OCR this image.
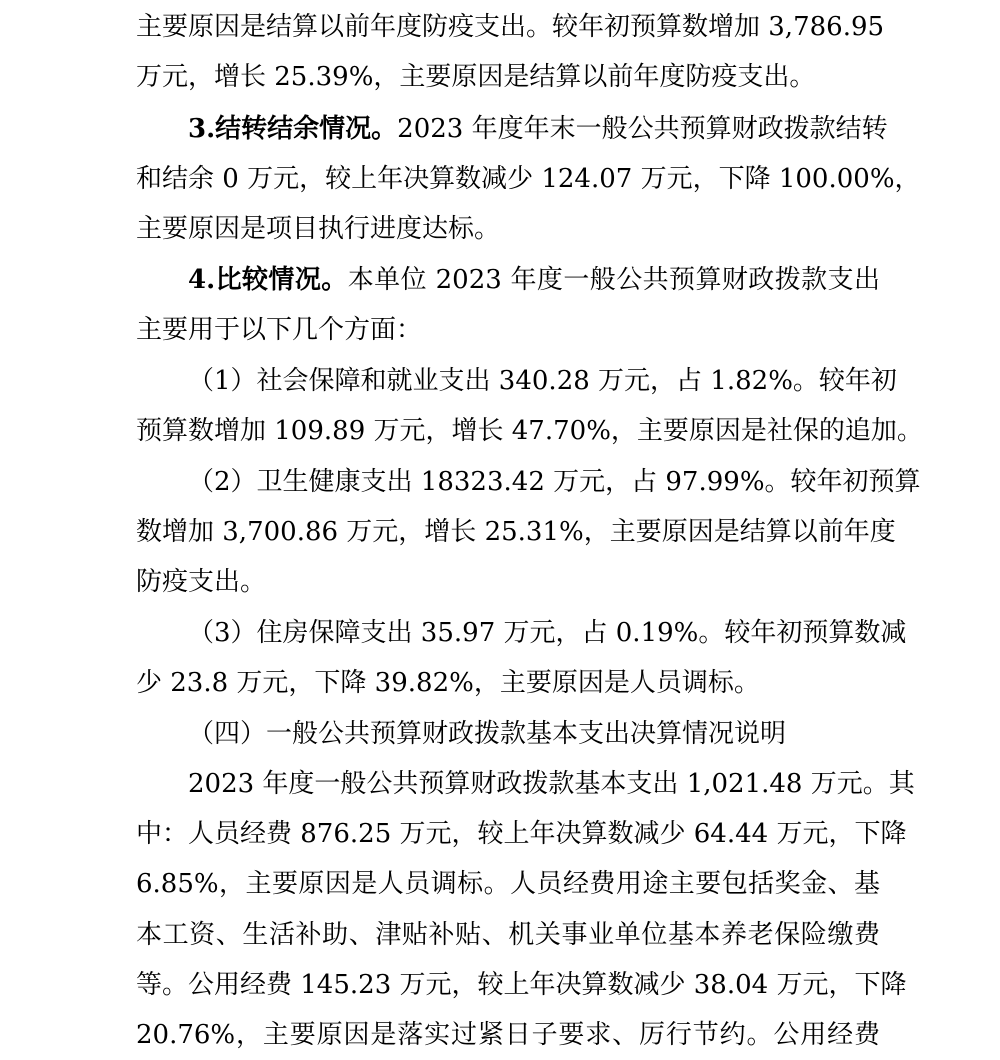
主要原因是结算以前年度防疫支出。较年初预算数增加 3,786.95
万元，增长 25.39%，主要原因是结算以前年度防疫支出。
3.结转结余情况。2023 年度年末一般公共预算财政拨款结转
和结余 0 万元，较上年决算数减少 124.07 万元，下降 100.00%，
主要原因是项目执行进度达标。
4.比较情况。本单位 2023 年度一般公共预算财政拨款支出
主要用于以下几个方面：
（1）社会保障和就业支出 340.28 万元，占 1.82%。较年初
预算数增加 109.89 万元，增长 47.70%，主要原因是社保的追加。
（2）卫生健康支出 18323.42 万元，占 97.99%。较年初预算
数增加 3,700.86 万元，增长 25.31%，主要原因是结算以前年度
防疫支出。
（3）住房保障支出 35.97 万元，占 0.19%。较年初预算数减
少 23.8 万元，下降 39.82%，主要原因是人员调标。
（四）一般公共预算财政拨款基本支出决算情况说明
2023 年度一般公共预算财政拨款基本支出 1,021.48 万元。其
中：人员经费 876.25 万元，较上年决算数减少 64.44 万元，下降
6.85%，主要原因是人员调标。人员经费用途主要包括奖金、基
本工资、生活补助、津贴补贴、机关事业单位基本养老保险缴费
等。公用经费 145.23 万元，较上年决算数减少 38.04 万元，下降
20.76%，主要原因是落实过紧日子要求、厉行节约。公用经费
